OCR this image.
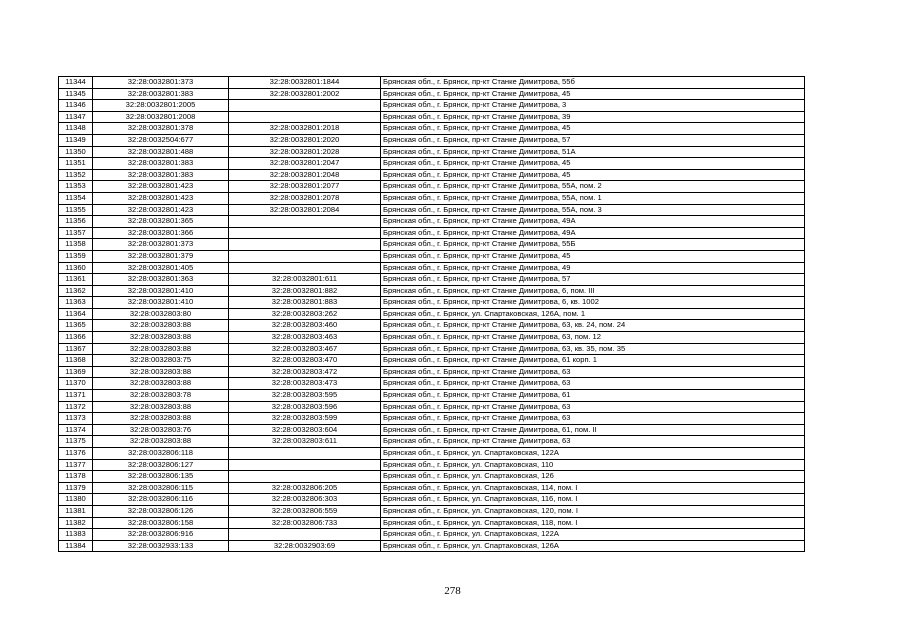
11344	32:28:0032801:373	32:28:0032801:1844	Брянская обл., г. Брянск, пр-кт Станке Димитрова, 55б
11345	32:28:0032801:383	32:28:0032801:2002	Брянская обл., г. Брянск, пр-кт Станке Димитрова, 45
11346	32:28:0032801:2005		Брянская обл., г. Брянск, пр-кт Станке Димитрова, 3
11347	32:28:0032801:2008		Брянская обл., г. Брянск, пр-кт Станке Димитрова, 39
11348	32:28:0032801:378	32:28:0032801:2018	Брянская обл., г. Брянск, пр-кт Станке Димитрова, 45
11349	32:28:0032504:677	32:28:0032801:2020	Брянская обл., г. Брянск, пр-кт Станке Димитрова, 57
11350	32:28:0032801:488	32:28:0032801:2028	Брянская обл., г. Брянск, пр-кт Станке Димитрова, 51А
11351	32:28:0032801:383	32:28:0032801:2047	Брянская обл., г. Брянск, пр-кт Станке Димитрова, 45
11352	32:28:0032801:383	32:28:0032801:2048	Брянская обл., г. Брянск, пр-кт Станке Димитрова, 45
11353	32:28:0032801:423	32:28:0032801:2077	Брянская обл., г. Брянск, пр-кт Станке Димитрова, 55А, пом. 2
11354	32:28:0032801:423	32:28:0032801:2078	Брянская обл., г. Брянск, пр-кт Станке Димитрова, 55А, пом. 1
11355	32:28:0032801:423	32:28:0032801:2084	Брянская обл., г. Брянск, пр-кт Станке Димитрова, 55А, пом. 3
11356	32:28:0032801:365		Брянская обл., г. Брянск, пр-кт Станке Димитрова, 49А
11357	32:28:0032801:366		Брянская обл., г. Брянск, пр-кт Станке Димитрова, 49А
11358	32:28:0032801:373		Брянская обл., г. Брянск, пр-кт Станке Димитрова, 55Б
11359	32:28:0032801:379		Брянская обл., г. Брянск, пр-кт Станке Димитрова, 45
11360	32:28:0032801:405		Брянская обл., г. Брянск, пр-кт Станке Димитрова, 49
11361	32:28:0032801:363	32:28:0032801:611	Брянская обл., г. Брянск, пр-кт Станке Димитрова, 57
11362	32:28:0032801:410	32:28:0032801:882	Брянская обл., г. Брянск, пр-кт Станке Димитрова, 6, пом. III
11363	32:28:0032801:410	32:28:0032801:883	Брянская обл., г. Брянск, пр-кт Станке Димитрова, 6, кв. 1002
11364	32:28:0032803:80	32:28:0032803:262	Брянская обл., г. Брянск, ул. Спартаковская, 126А, пом. 1
11365	32:28:0032803:88	32:28:0032803:460	Брянская обл., г. Брянск, пр-кт Станке Димитрова, 63, кв. 24, пом. 24
11366	32:28:0032803:88	32:28:0032803:463	Брянская обл., г. Брянск, пр-кт Станке Димитрова, 63, пом. 12
11367	32:28:0032803:88	32:28:0032803:467	Брянская обл., г. Брянск, пр-кт Станке Димитрова, 63, кв. 35, пом. 35
11368	32:28:0032803:75	32:28:0032803:470	Брянская обл., г. Брянск, пр-кт Станке Димитрова, 61 корп. 1
11369	32:28:0032803:88	32:28:0032803:472	Брянская обл., г. Брянск, пр-кт Станке Димитрова, 63
11370	32:28:0032803:88	32:28:0032803:473	Брянская обл., г. Брянск, пр-кт Станке Димитрова, 63
11371	32:28:0032803:78	32:28:0032803:595	Брянская обл., г. Брянск, пр-кт Станке Димитрова, 61
11372	32:28:0032803:88	32:28:0032803:596	Брянская обл., г. Брянск, пр-кт Станке Димитрова, 63
11373	32:28:0032803:88	32:28:0032803:599	Брянская обл., г. Брянск, пр-кт Станке Димитрова, 63
11374	32:28:0032803:76	32:28:0032803:604	Брянская обл., г. Брянск, пр-кт Станке Димитрова, 61, пом. II
11375	32:28:0032803:88	32:28:0032803:611	Брянская обл., г. Брянск, пр-кт Станке Димитрова, 63
11376	32:28:0032806:118		Брянская обл., г. Брянск, ул. Спартаковская, 122А
11377	32:28:0032806:127		Брянская обл., г. Брянск, ул. Спартаковская, 110
11378	32:28:0032806:135		Брянская обл., г. Брянск, ул. Спартаковская, 126
11379	32:28:0032806:115	32:28:0032806:205	Брянская обл., г. Брянск, ул. Спартаковская, 114, пом. I
11380	32:28:0032806:116	32:28:0032806:303	Брянская обл., г. Брянск, ул. Спартаковская, 116, пом. I
11381	32:28:0032806:126	32:28:0032806:559	Брянская обл., г. Брянск, ул. Спартаковская, 120, пом. I
11382	32:28:0032806:158	32:28:0032806:733	Брянская обл., г. Брянск, ул. Спартаковская, 118, пом. I
11383	32:28:0032806:916		Брянская обл., г. Брянск, ул. Спартаковская, 122А
11384	32:28:0032933:133	32:28:0032903:69	Брянская обл., г. Брянск, ул. Спартаковская, 126А
278
